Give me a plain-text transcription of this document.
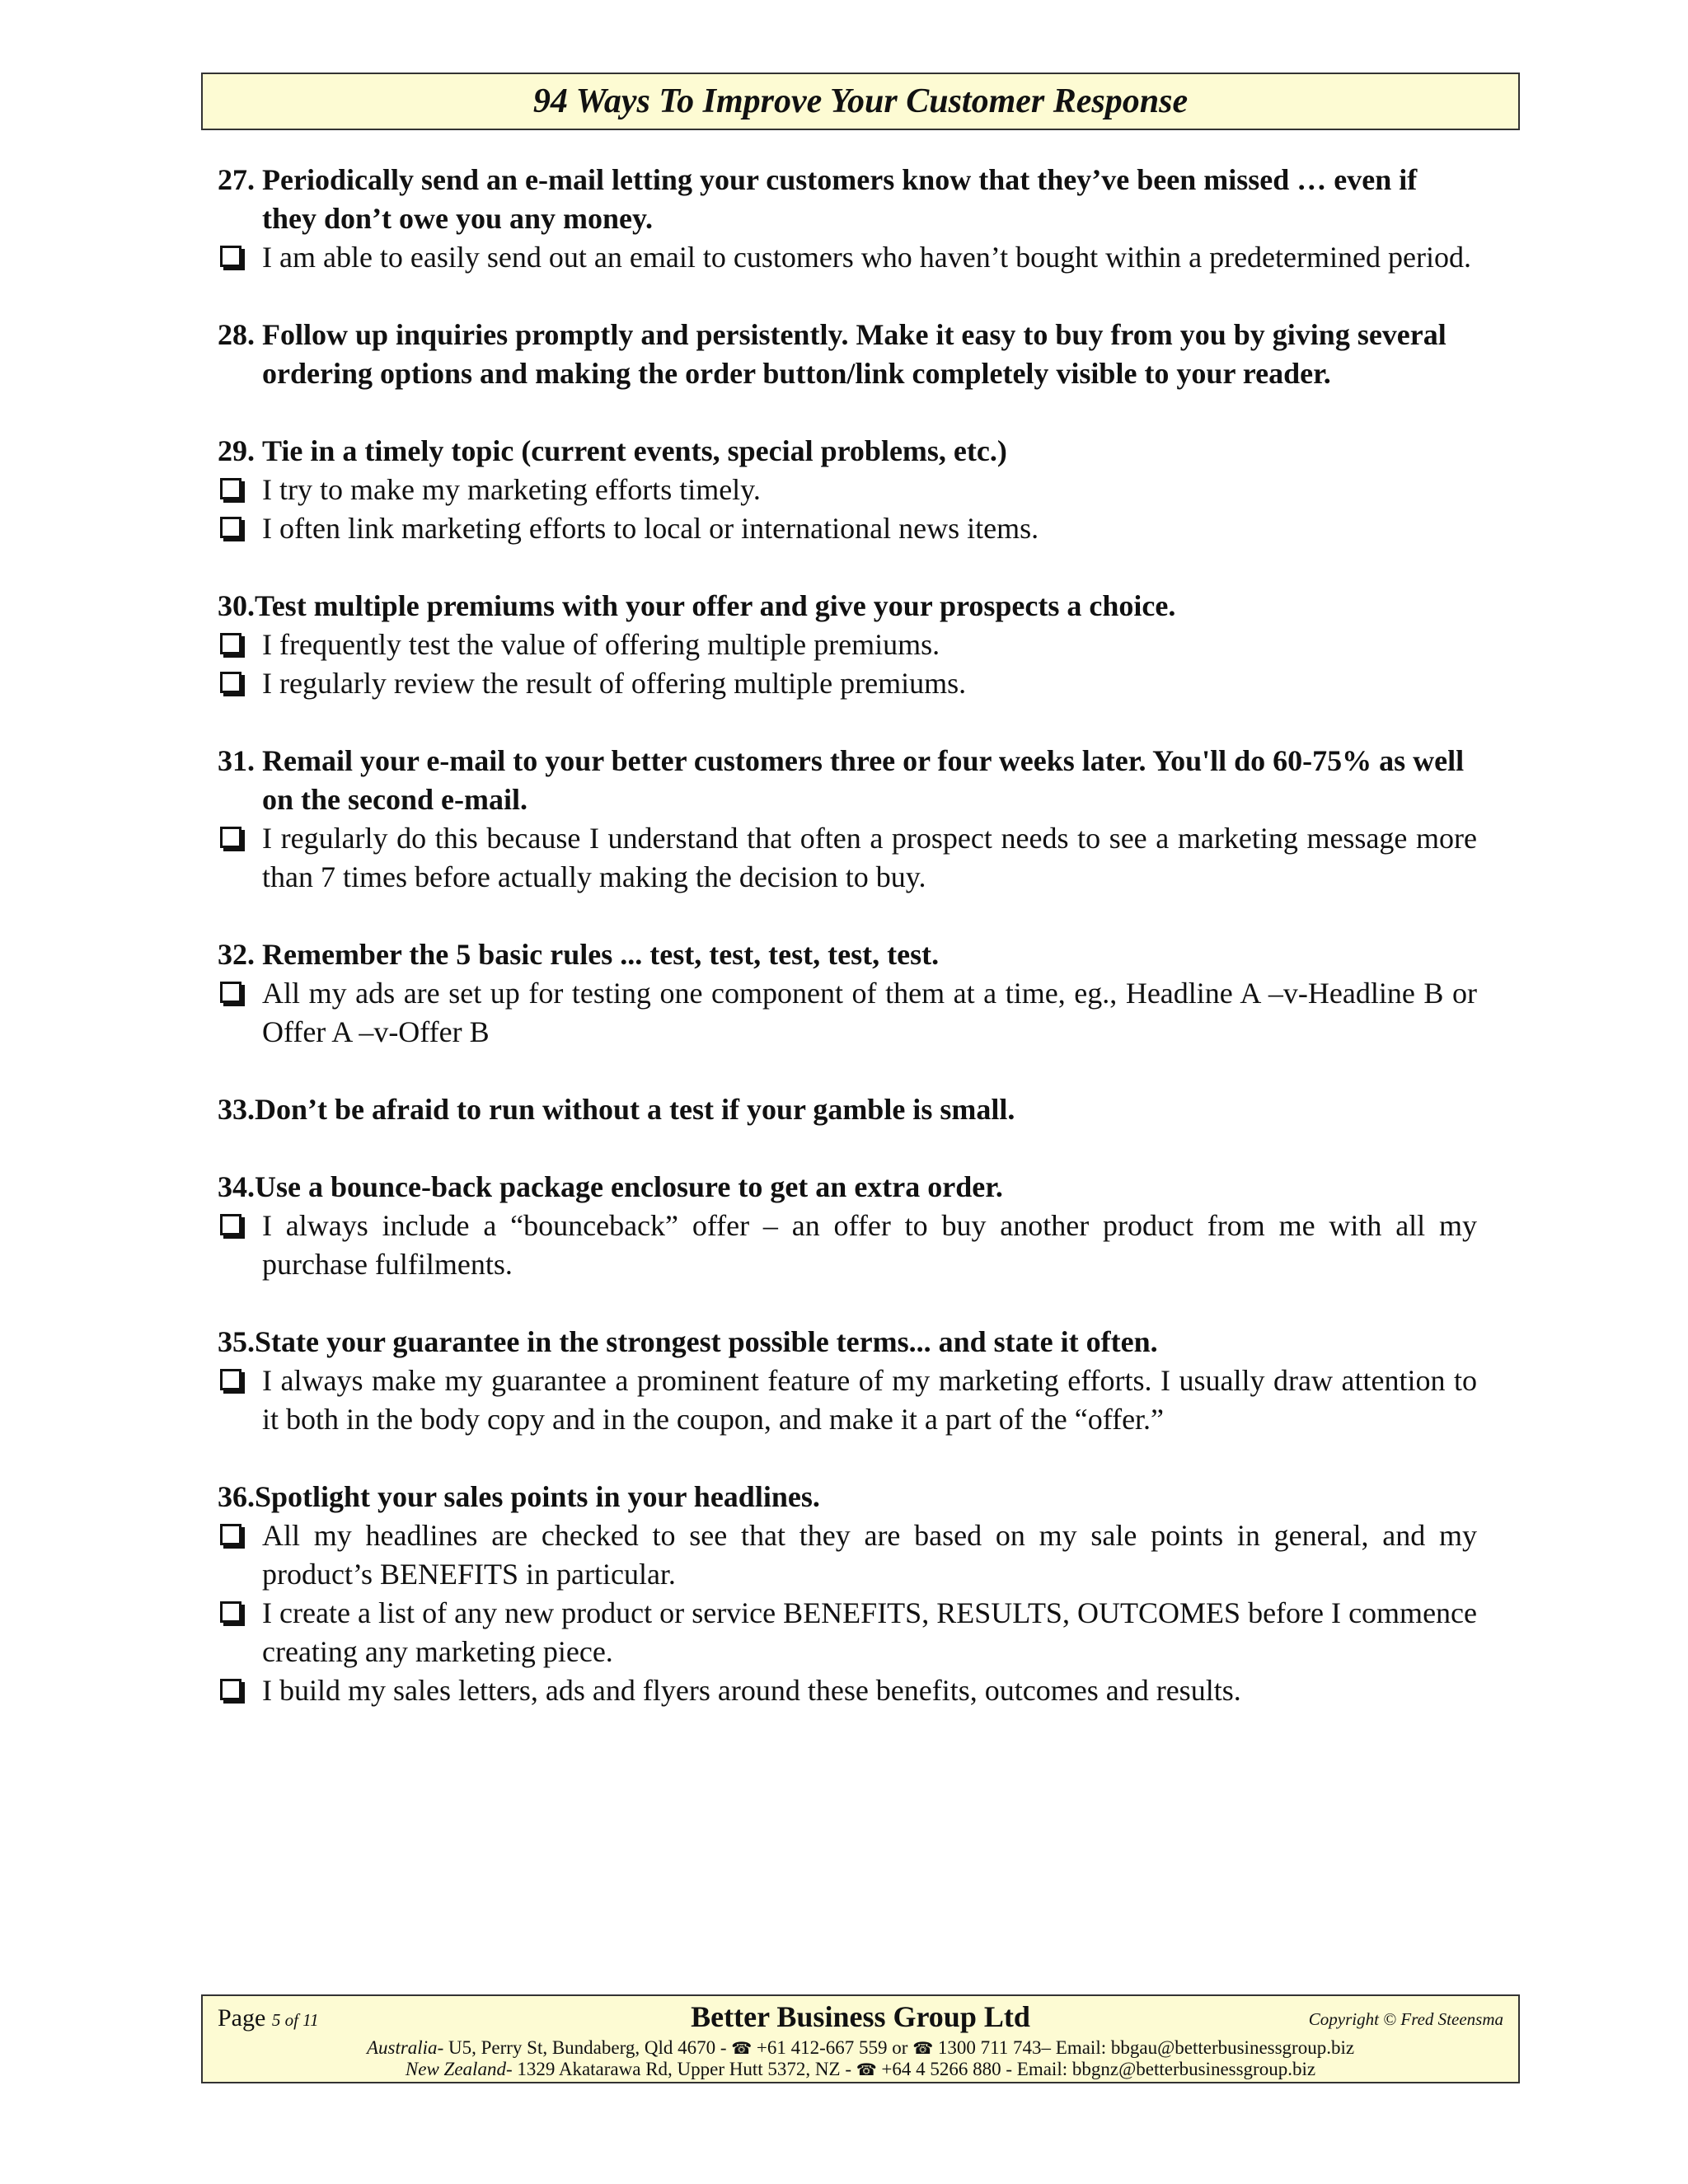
94 Ways To Improve Your Customer Response
27. Periodically send an e-mail letting your customers know that they’ve been missed … even if they don’t owe you any money.
I am able to easily send out an email to customers who haven’t bought within a predetermined period.
28. Follow up inquiries promptly and persistently. Make it easy to buy from you by giving several ordering options and making the order button/link completely visible to your reader.
29. Tie in a timely topic (current events, special problems, etc.)
I try to make my marketing efforts timely.
I often link marketing efforts to local or international news items.
30.Test multiple premiums with your offer and give your prospects a choice.
I frequently test the value of offering multiple premiums.
I regularly review the result of offering multiple premiums.
31. Remail your e-mail to your better customers three or four weeks later. You'll do 60-75% as well on the second e-mail.
I regularly do this because I understand that often a prospect needs to see a marketing message more than 7 times before actually making the decision to buy.
32. Remember the 5 basic rules ... test, test, test, test, test.
All my ads are set up for testing one component of them at a time, eg., Headline A –v-Headline B or Offer A –v-Offer B
33.Don’t be afraid to run without a test if your gamble is small.
34.Use a bounce-back package enclosure to get an extra order.
I always include a “bounceback” offer – an offer to buy another product from me with all my purchase fulfilments.
35.State your guarantee in the strongest possible terms... and state it often.
I always make my guarantee a prominent feature of my marketing efforts. I usually draw attention to it both in the body copy and in the coupon, and make it a part of the “offer.”
36.Spotlight your sales points in your headlines.
All my headlines are checked to see that they are based on my sale points in general, and my product’s BENEFITS in particular.
I create a list of any new product or service BENEFITS, RESULTS, OUTCOMES before I commence creating any marketing piece.
I build my sales letters, ads and flyers around these benefits, outcomes and results.
Page 5 of 11	Better Business Group Ltd	Copyright © Fred Steensma
Australia- U5, Perry St, Bundaberg, Qld 4670 - ☎ +61 412-667 559 or ☎ 1300 711 743– Email: bbgau@betterbusinessgroup.biz
New Zealand- 1329 Akatarawa Rd, Upper Hutt 5372, NZ - ☎ +64 4 5266 880 - Email: bbgnz@betterbusinessgroup.biz
